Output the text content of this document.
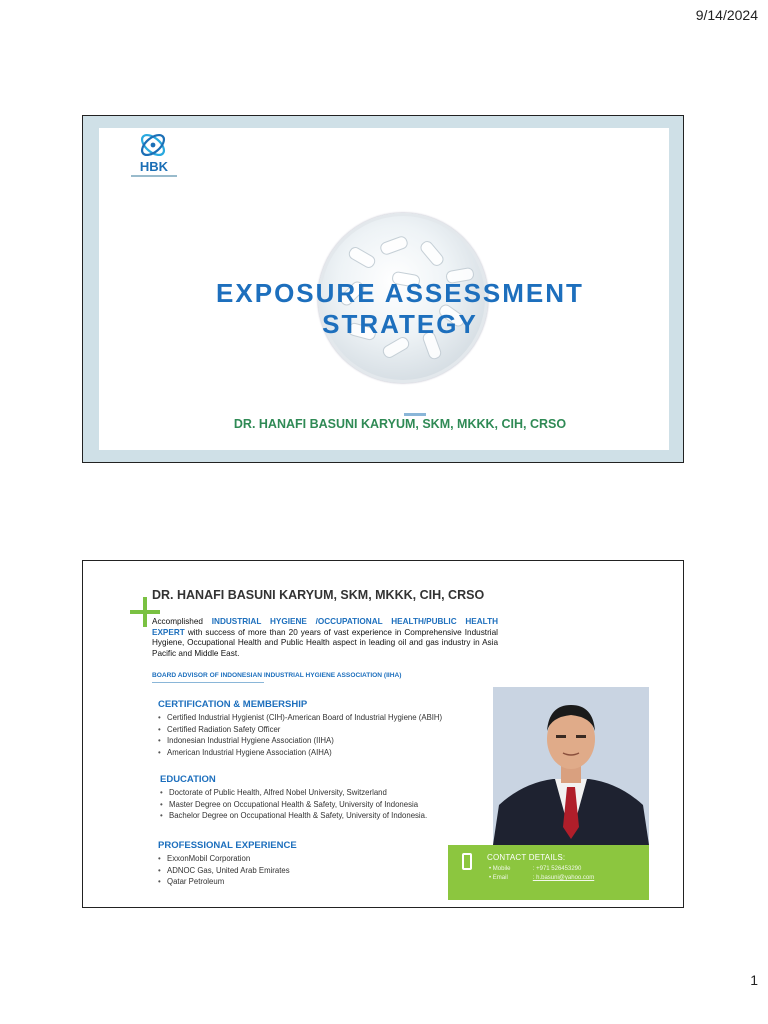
9/14/2024
HBK
EXPOSURE ASSESSMENT
STRATEGY
DR. HANAFI BASUNI KARYUM, SKM, MKKK, CIH, CRSO
DR. HANAFI BASUNI KARYUM, SKM, MKKK, CIH, CRSO
Accomplished INDUSTRIAL HYGIENE /OCCUPATIONAL HEALTH/PUBLIC HEALTH EXPERT with success of more than 20 years of vast experience in Comprehensive Industrial Hygiene, Occupational Health and Public Health aspect in leading oil and gas industry in Asia Pacific and Middle East.
BOARD ADVISOR OF INDONESIAN INDUSTRIAL HYGIENE ASSOCIATION (IIHA)
CERTIFICATION & MEMBERSHIP
• Certified Industrial Hygienist (CIH)-American Board of Industrial Hygiene (ABIH)
• Certified Radiation Safety Officer
• Indonesian Industrial Hygiene Association (IIHA)
• American Industrial Hygiene Association (AIHA)
EDUCATION
• Doctorate of Public Health, Alfred Nobel University, Switzerland
• Master Degree on Occupational Health & Safety, University of Indonesia
• Bachelor Degree on Occupational Health & Safety, University of Indonesia.
PROFESSIONAL EXPERIENCE
• ExxonMobil Corporation
• ADNOC Gas, United Arab Emirates
• Qatar Petroleum
CONTACT DETAILS:
• Mobile	: +971 526453290
• Email	: h.basuni@yahoo.com
1
